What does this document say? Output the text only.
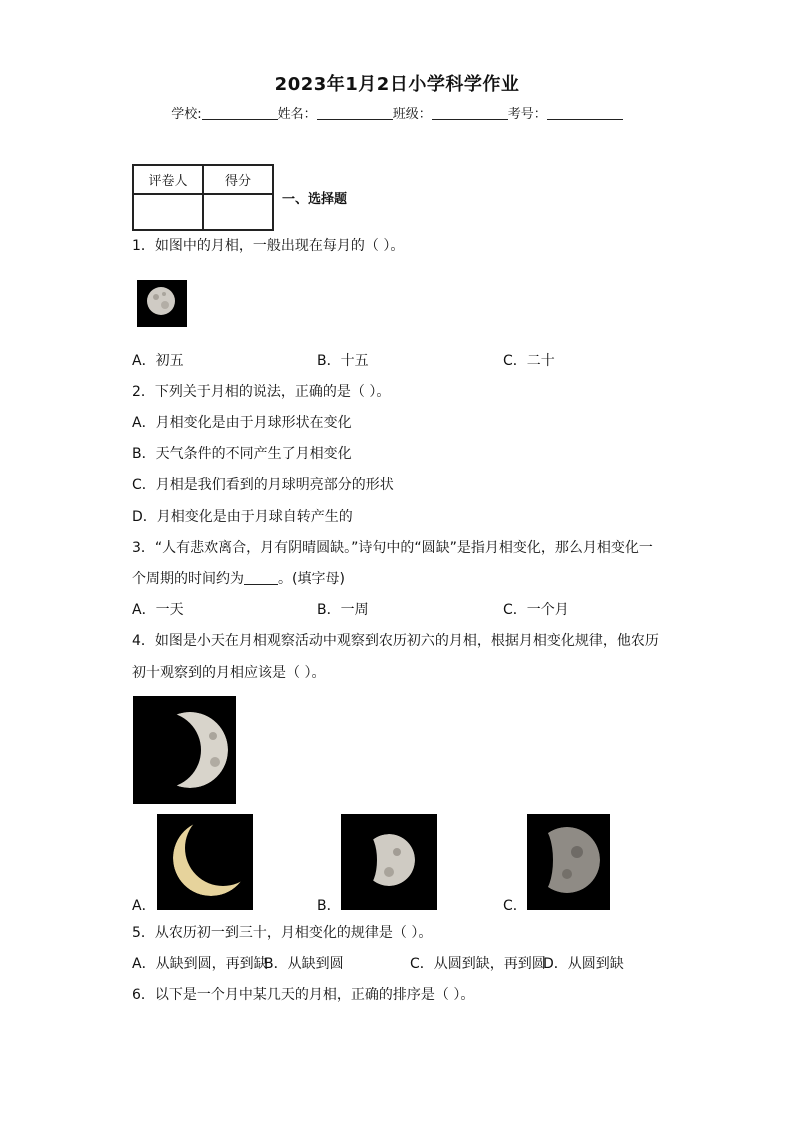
2023年1月2日小学科学作业
学校:	姓名：	班级：	考号：
评卷人	得分

一、选择题
1．如图中的月相，一般出现在每月的（ ）。
A．初五	B．十五	C．二十
2．下列关于月相的说法，正确的是（ ）。
A．月相变化是由于月球形状在变化
B．天气条件的不同产生了月相变化
C．月相是我们看到的月球明亮部分的形状
D．月相变化是由于月球自转产生的
3．“人有悲欢离合，月有阴晴圆缺。”诗句中的“圆缺”是指月相变化，那么月相变化一
个周期的时间约为 。(填字母)
A．一天	B．一周	C．一个月
4．如图是小天在月相观察活动中观察到农历初六的月相，根据月相变化规律，他农历
初十观察到的月相应该是（ ）。
A．	B．	C．
5．从农历初一到三十，月相变化的规律是（ ）。
A．从缺到圆，再到缺
B．从缺到圆	C．从圆到缺，再到圆
D．从圆到缺
6．以下是一个月中某几天的月相，正确的排序是（ ）。
